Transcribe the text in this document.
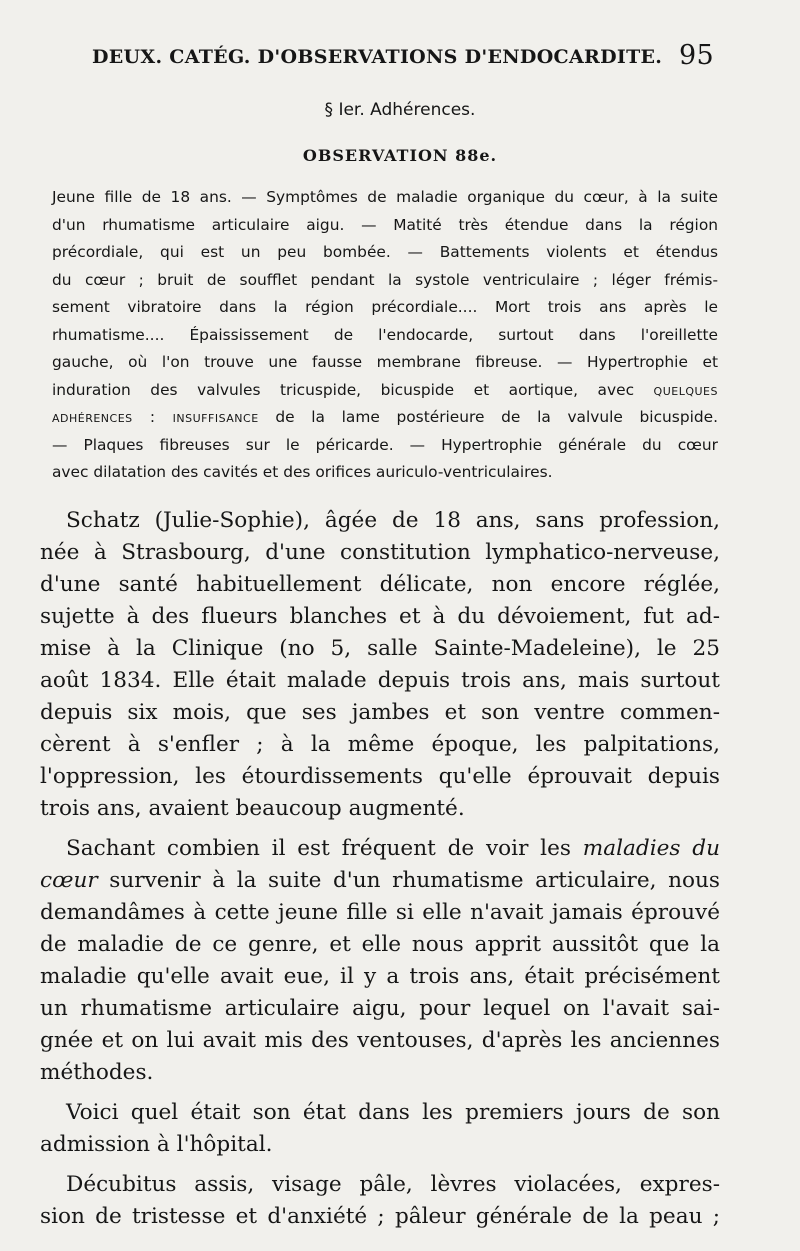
DEUX. CATÉG. D'OBSERVATIONS D'ENDOCARDITE. 95
§ Ier. Adhérences.
OBSERVATION 88e.
Jeune fille de 18 ans. — Symptômes de maladie organique du cœur, à la suite
d'un rhumatisme articulaire aigu. — Matité très étendue dans la région
précordiale, qui est un peu bombée. — Battements violents et étendus
du cœur ; bruit de soufflet pendant la systole ventriculaire ; léger frémis-
sement vibratoire dans la région précordiale.... Mort trois ans après le
rhumatisme.... Épaississement de l'endocarde, surtout dans l'oreillette
gauche, où l'on trouve une fausse membrane fibreuse. — Hypertrophie et
induration des valvules tricuspide, bicuspide et aortique, avec quelques
adhérences : insuffisance de la lame postérieure de la valvule bicuspide.
— Plaques fibreuses sur le péricarde. — Hypertrophie générale du cœur
avec dilatation des cavités et des orifices auriculo-ventriculaires.
Schatz (Julie-Sophie), âgée de 18 ans, sans profession,
née à Strasbourg, d'une constitution lymphatico-nerveuse,
d'une santé habituellement délicate, non encore réglée,
sujette à des flueurs blanches et à du dévoiement, fut ad-
mise à la Clinique (no 5, salle Sainte-Madeleine), le 25
août 1834. Elle était malade depuis trois ans, mais surtout
depuis six mois, que ses jambes et son ventre commen-
cèrent à s'enfler ; à la même époque, les palpitations,
l'oppression, les étourdissements qu'elle éprouvait depuis
trois ans, avaient beaucoup augmenté.
Sachant combien il est fréquent de voir les maladies du
cœur survenir à la suite d'un rhumatisme articulaire, nous
demandâmes à cette jeune fille si elle n'avait jamais éprouvé
de maladie de ce genre, et elle nous apprit aussitôt que la
maladie qu'elle avait eue, il y a trois ans, était précisément
un rhumatisme articulaire aigu, pour lequel on l'avait sai-
gnée et on lui avait mis des ventouses, d'après les anciennes
méthodes.
Voici quel était son état dans les premiers jours de son
admission à l'hôpital.
Décubitus assis, visage pâle, lèvres violacées, expres-
sion de tristesse et d'anxiété ; pâleur générale de la peau ;
